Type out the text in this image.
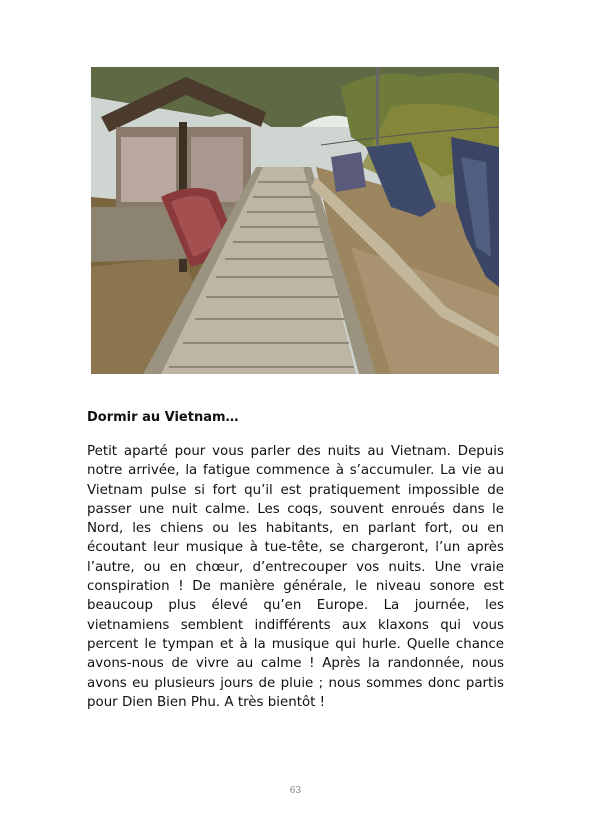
Dormir au Vietnam…

Petit aparté pour vous parler des nuits au Vietnam. Depuis notre arrivée, la fatigue commence à s’accumuler. La vie au Vietnam pulse si fort qu’il est pratiquement impossible de passer une nuit calme. Les coqs, souvent enroués dans le Nord, les chiens ou les habitants, en parlant fort, ou en écoutant leur musique à tue-tête, se chargeront, l’un après l’autre, ou en chœur, d’entrecouper vos nuits. Une vraie conspiration ! De manière générale, le niveau sonore est beaucoup plus élevé qu’en Europe. La journée, les vietnamiens semblent indifférents aux klaxons qui vous percent le tympan et à la musique qui hurle. Quelle chance avons-nous de vivre au calme ! Après la randonnée, nous avons eu plusieurs jours de pluie ; nous sommes donc partis pour Dien Bien Phu. A très bientôt !

63
